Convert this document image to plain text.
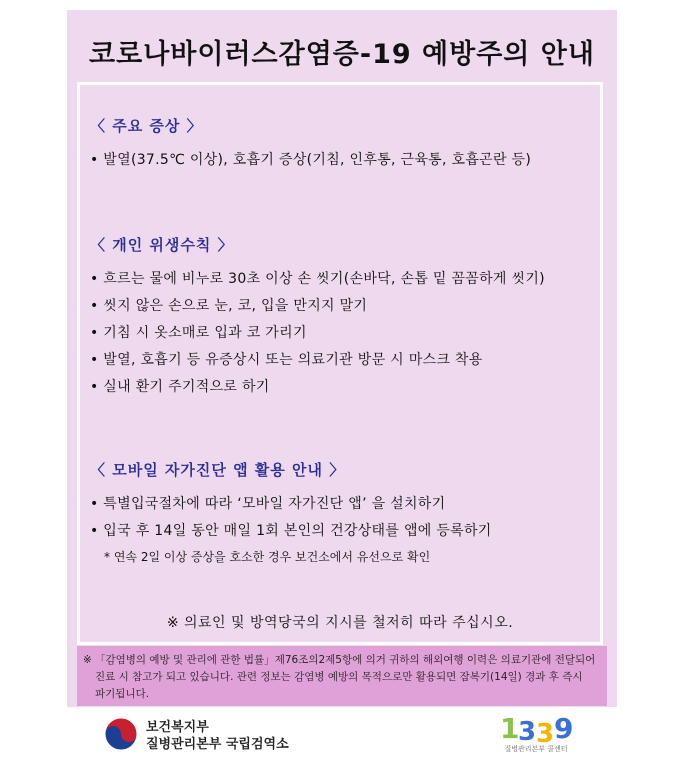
코로나바이러스감염증-19 예방주의 안내
〈 주요 증상 〉
• 발열(37.5℃ 이상), 호흡기 증상(기침, 인후통, 근육통, 호흡곤란 등)
〈 개인 위생수칙 〉
• 흐르는 물에 비누로 30초 이상 손 씻기(손바닥, 손톱 밑 꼼꼼하게 씻기)
• 씻지 않은 손으로 눈, 코, 입을 만지지 말기
• 기침 시 옷소매로 입과 코 가리기
• 발열, 호흡기 등 유증상시 또는 의료기관 방문 시 마스크 착용
• 실내 환기 주기적으로 하기
〈 모바일 자가진단 앱 활용 안내 〉
• 특별입국절차에 따라 ‘모바일 자가진단 앱’ 을 설치하기
• 입국 후 14일 동안 매일 1회 본인의 건강상태를 앱에 등록하기
* 연속 2일 이상 증상을 호소한 경우 보건소에서 유선으로 확인
※ 의료인 및 방역당국의 지시를 철저히 따라 주십시오.
※ 「감염병의 예방 및 관리에 관한 법률」제76조의2제5항에 의거 귀하의 해외여행 이력은 의료기관에 전달되어
진료 시 참고가 되고 있습니다. 관련 정보는 감염병 예방의 목적으로만 활용되면 잠복기(14일) 경과 후 즉시
파기됩니다.
보건복지부
질병관리본부 국립검역소	1
3 3 9
질병관리본부 콜센터
